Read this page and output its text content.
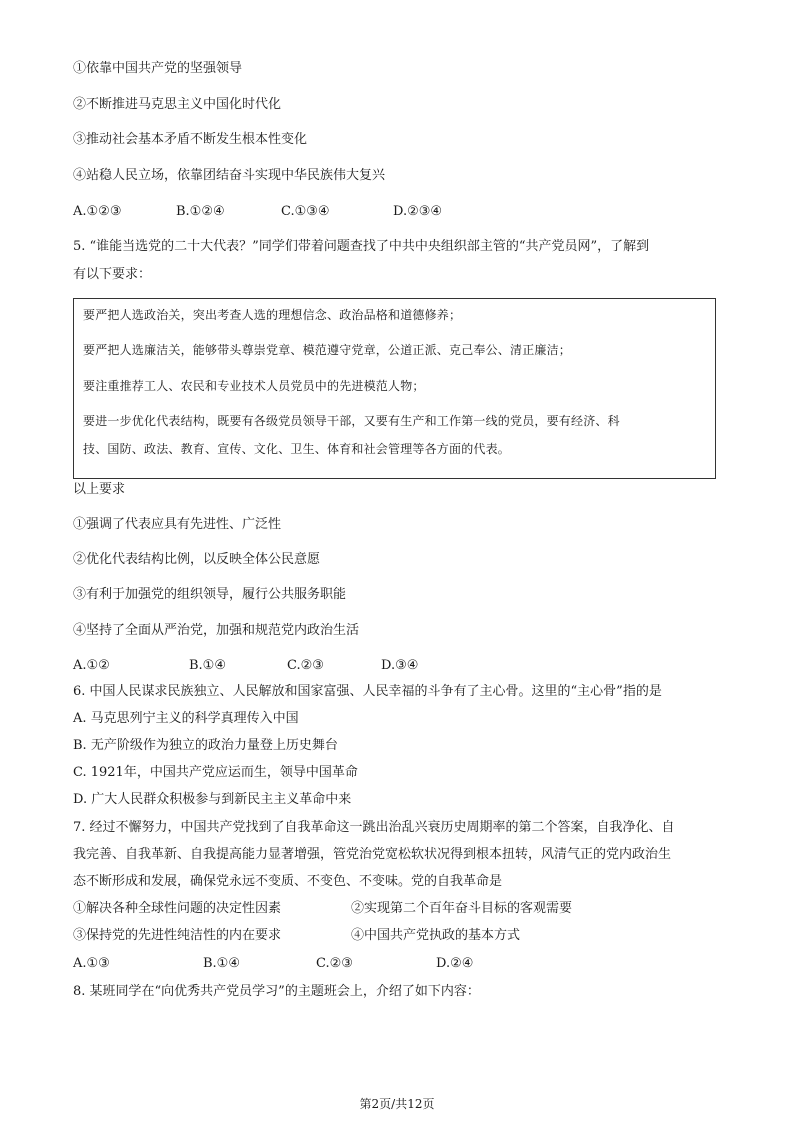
①依靠中国共产党的坚强领导
②不断推进马克思主义中国化时代化
③推动社会基本矛盾不断发生根本性变化
④站稳人民立场，依靠团结奋斗实现中华民族伟大复兴
A.①②③	B.①②④	C.①③④	D.②③④
5. “谁能当选党的二十大代表？”同学们带着问题查找了中共中央组织部主管的“共产党员网”，了解到
有以下要求：
要严把人选政治关，突出考查人选的理想信念、政治品格和道德修养；
要严把人选廉洁关，能够带头尊崇党章、模范遵守党章，公道正派、克己奉公、清正廉洁；
要注重推荐工人、农民和专业技术人员党员中的先进模范人物；
要进一步优化代表结构，既要有各级党员领导干部，又要有生产和工作第一线的党员，要有经济、科
技、国防、政法、教育、宣传、文化、卫生、体育和社会管理等各方面的代表。
以上要求
①强调了代表应具有先进性、广泛性
②优化代表结构比例，以反映全体公民意愿
③有利于加强党的组织领导，履行公共服务职能
④坚持了全面从严治党，加强和规范党内政治生活
A.①②	B.①④	C.②③	D.③④
6. 中国人民谋求民族独立、人民解放和国家富强、人民幸福的斗争有了主心骨。这里的“主心骨”指的是
A. 马克思列宁主义的科学真理传入中国
B. 无产阶级作为独立的政治力量登上历史舞台
C. 1921年，中国共产党应运而生，领导中国革命
D. 广大人民群众积极参与到新民主主义革命中来
7. 经过不懈努力，中国共产党找到了自我革命这一跳出治乱兴衰历史周期率的第二个答案，自我净化、自
我完善、自我革新、自我提高能力显著增强，管党治党宽松软状况得到根本扭转，风清气正的党内政治生
态不断形成和发展，确保党永远不变质、不变色、不变味。党的自我革命是
①解决各种全球性问题的决定性因素	②实现第二个百年奋斗目标的客观需要
③保持党的先进性纯洁性的内在要求	④中国共产党执政的基本方式
A.①③	B.①④	C.②③	D.②④
8. 某班同学在“向优秀共产党员学习”的主题班会上，介绍了如下内容：
第2页/共12页
